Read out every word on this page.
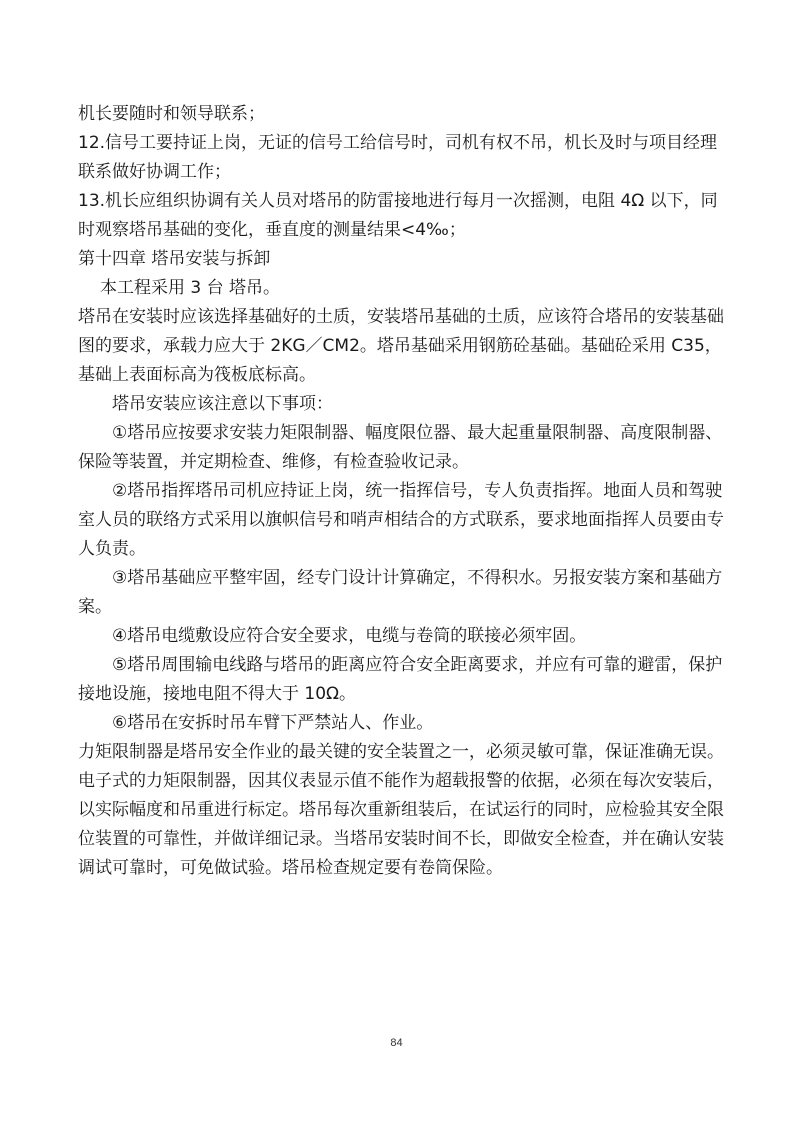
机长要随时和领导联系；

12.信号工要持证上岗，无证的信号工给信号时，司机有权不吊，机长及时与项目经理联系做好协调工作；

13.机长应组织协调有关人员对塔吊的防雷接地进行每月一次摇测，电阻 4Ω 以下，同时观察塔吊基础的变化，垂直度的测量结果<4‰；

第十四章 塔吊安装与拆卸

本工程采用 3 台 塔吊。

塔吊在安装时应该选择基础好的土质，安装塔吊基础的土质，应该符合塔吊的安装基础图的要求，承载力应大于 2KG／CM2。塔吊基础采用钢筋砼基础。基础砼采用 C35，基础上表面标高为筏板底标高。

塔吊安装应该注意以下事项：

①塔吊应按要求安装力矩限制器、幅度限位器、最大起重量限制器、高度限制器、保险等装置，并定期检查、维修，有检查验收记录。

②塔吊指挥塔吊司机应持证上岗，统一指挥信号，专人负责指挥。地面人员和驾驶室人员的联络方式采用以旗帜信号和哨声相结合的方式联系，要求地面指挥人员要由专人负责。

③塔吊基础应平整牢固，经专门设计计算确定，不得积水。另报安装方案和基础方案。

④塔吊电缆敷设应符合安全要求，电缆与卷筒的联接必须牢固。

⑤塔吊周围输电线路与塔吊的距离应符合安全距离要求，并应有可靠的避雷，保护接地设施，接地电阻不得大于 10Ω。

⑥塔吊在安拆时吊车臂下严禁站人、作业。

力矩限制器是塔吊安全作业的最关键的安全装置之一，必须灵敏可靠，保证准确无误。电子式的力矩限制器，因其仪表显示值不能作为超载报警的依据，必须在每次安装后，以实际幅度和吊重进行标定。塔吊每次重新组装后，在试运行的同时，应检验其安全限位装置的可靠性，并做详细记录。当塔吊安装时间不长，即做安全检查，并在确认安装调试可靠时，可免做试验。塔吊检查规定要有卷筒保险。

84
